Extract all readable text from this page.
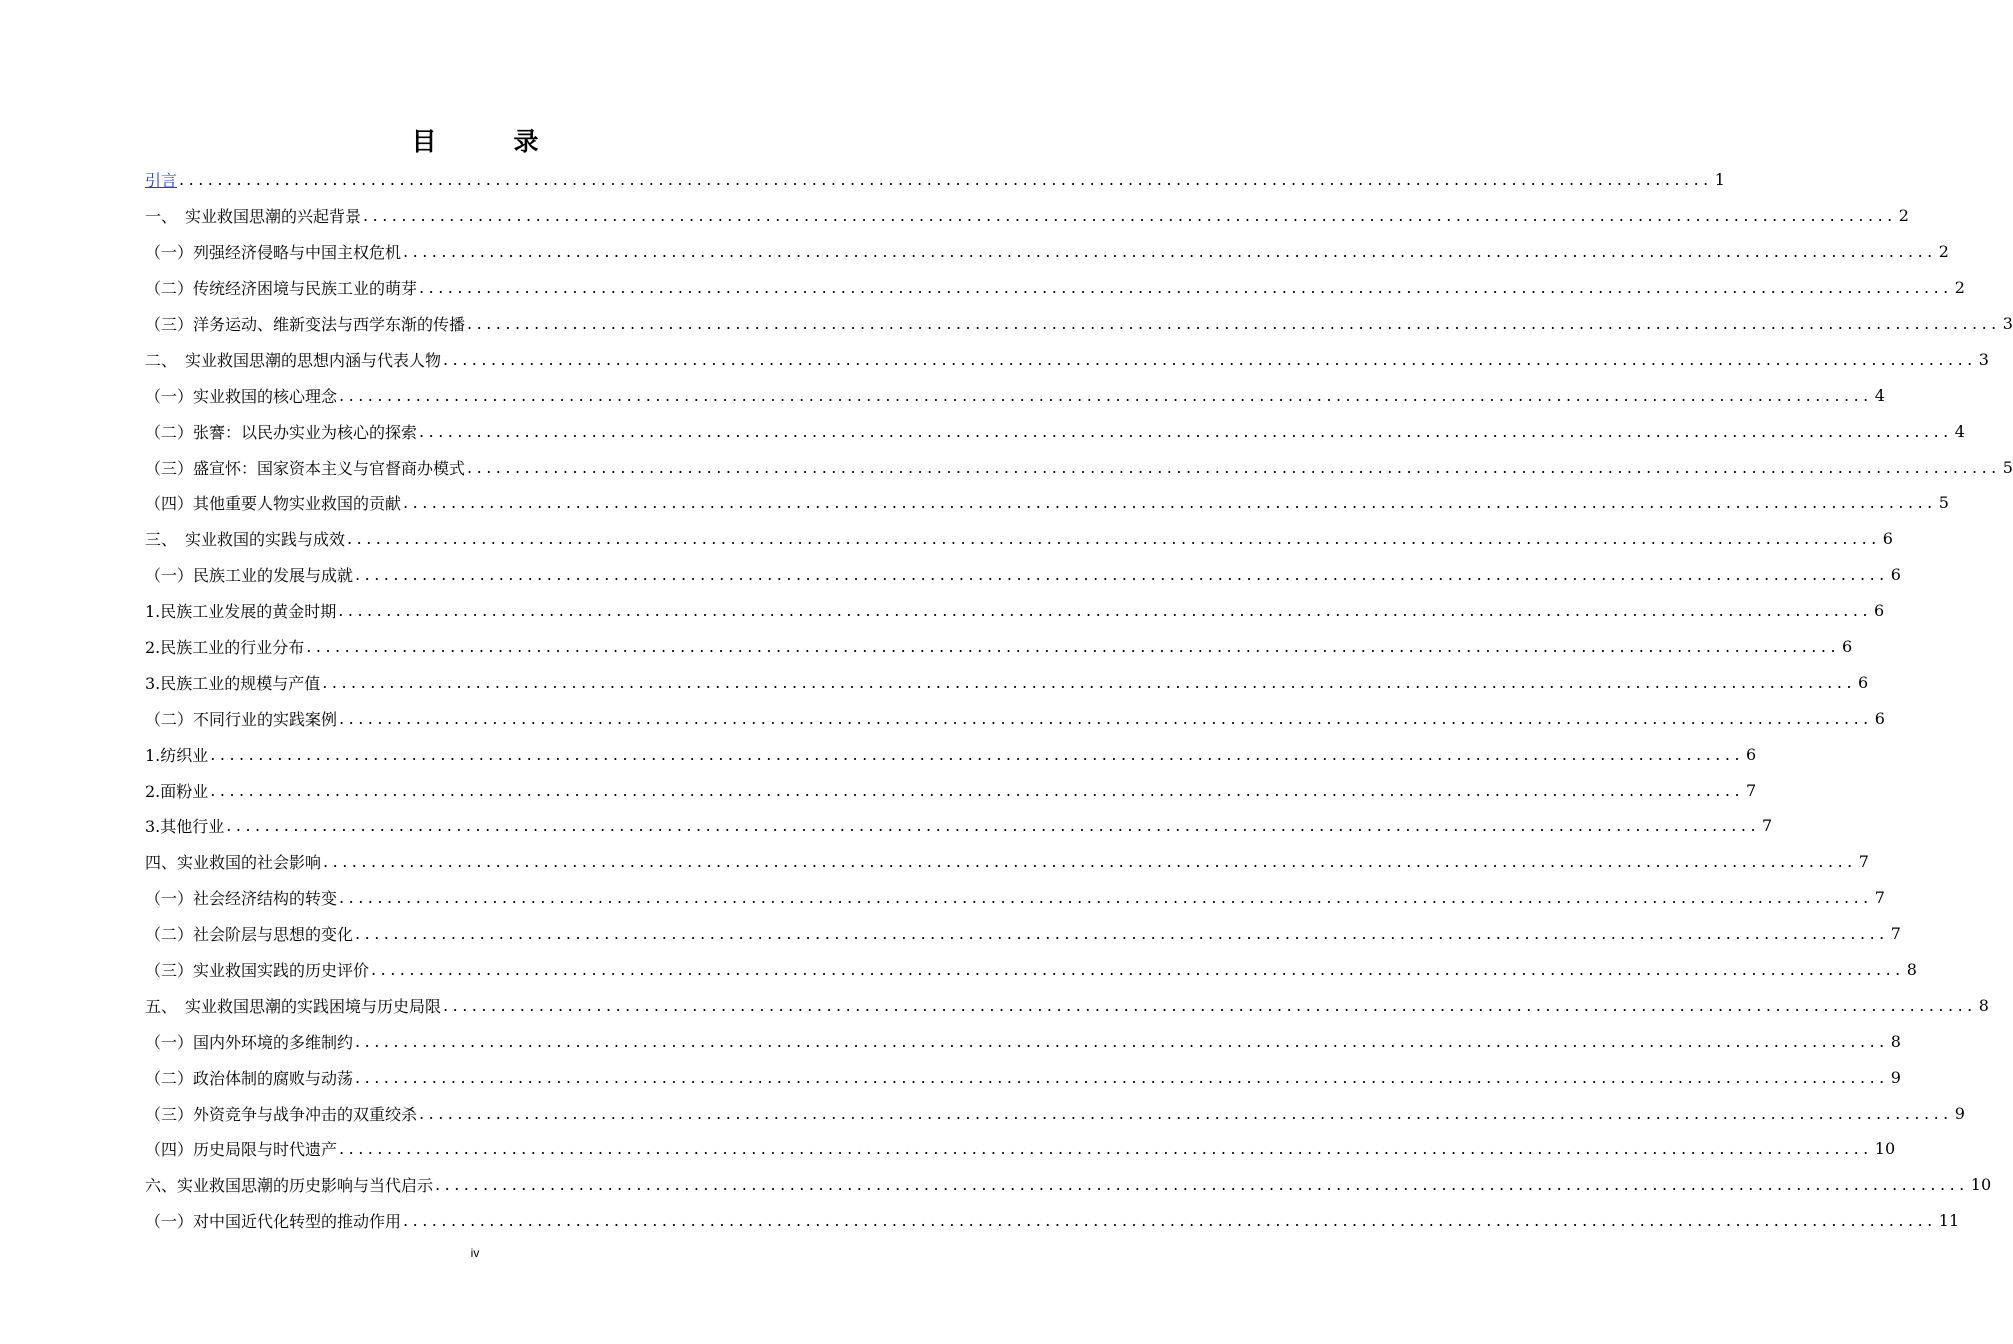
目　录
引言 ................................................................................................................................................................ 1
一、　实业救国思潮的兴起背景 ................................................................................................................................................................ 2
（一）列强经济侵略与中国主权危机 ................................................................................................................................................................ 2
（二）传统经济困境与民族工业的萌芽 ................................................................................................................................................................ 2
（三）洋务运动、维新变法与西学东渐的传播 ................................................................................................................................................................ 3
二、　实业救国思潮的思想内涵与代表人物 ................................................................................................................................................................ 3
（一）实业救国的核心理念 ................................................................................................................................................................ 4
（二）张謇：以民办实业为核心的探索 ................................................................................................................................................................ 4
（三）盛宣怀：国家资本主义与官督商办模式 ................................................................................................................................................................ 5
（四）其他重要人物实业救国的贡献 ................................................................................................................................................................ 5
三、　实业救国的实践与成效 ................................................................................................................................................................ 6
（一）民族工业的发展与成就 ................................................................................................................................................................ 6
1.民族工业发展的黄金时期 ................................................................................................................................................................ 6
2.民族工业的行业分布 ................................................................................................................................................................ 6
3.民族工业的规模与产值 ................................................................................................................................................................ 6
（二）不同行业的实践案例 ................................................................................................................................................................ 6
1.纺织业 ................................................................................................................................................................ 6
2.面粉业 ................................................................................................................................................................ 7
3.其他行业 ................................................................................................................................................................ 7
四、实业救国的社会影响 ................................................................................................................................................................ 7
（一）社会经济结构的转变 ................................................................................................................................................................ 7
（二）社会阶层与思想的变化 ................................................................................................................................................................ 7
（三）实业救国实践的历史评价 ................................................................................................................................................................ 8
五、　实业救国思潮的实践困境与历史局限 ................................................................................................................................................................ 8
（一）国内外环境的多维制约 ................................................................................................................................................................ 8
（二）政治体制的腐败与动荡 ................................................................................................................................................................ 9
（三）外资竞争与战争冲击的双重绞杀 ................................................................................................................................................................ 9
（四）历史局限与时代遗产 ................................................................................................................................................................ 10
六、实业救国思潮的历史影响与当代启示 ................................................................................................................................................................ 10
（一）对中国近代化转型的推动作用 ................................................................................................................................................................ 11
iv
